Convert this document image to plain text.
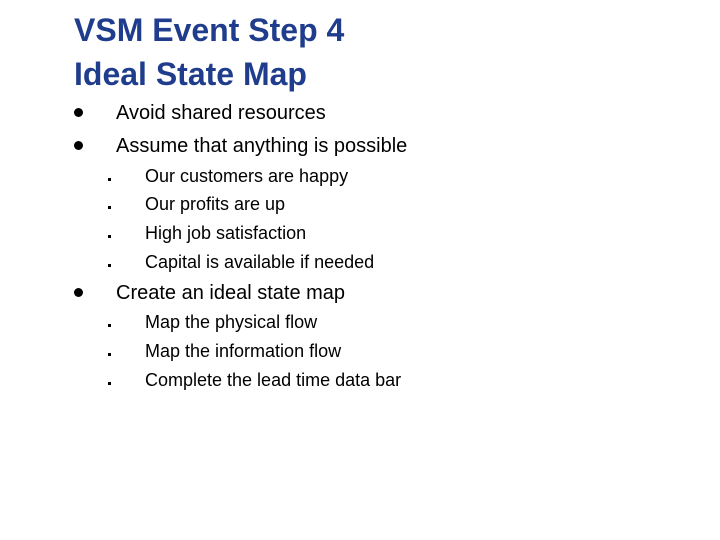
VSM Event Step 4
Ideal State Map
Avoid shared resources
Assume that anything is possible
Our customers are happy
Our profits are up
High job satisfaction
Capital is available if needed
Create an ideal state map
Map the physical flow
Map the information flow
Complete the lead time data bar
